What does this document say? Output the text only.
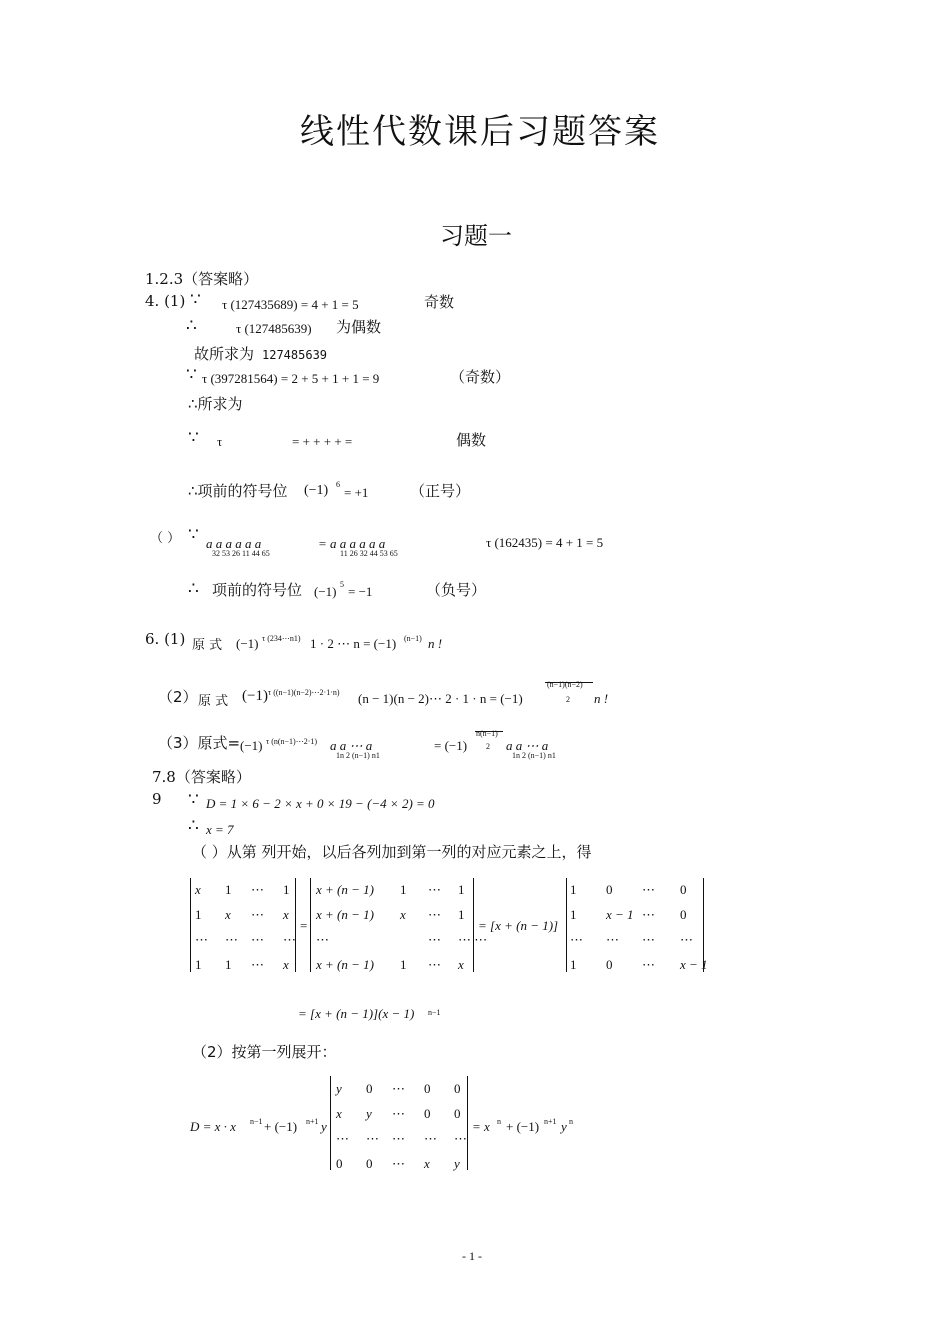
线性代数课后习题答案
习题一
1.2.3（答案略）
4. (1) ∵ τ (127435689) = 4 + 1 = 5	奇数
∴	τ (127485639) 为偶数
故所求为 127485639
∵ τ (397281564) = 2 + 5 + 1 + 1 = 9	（奇数）
∴所求为
∵ τ	= + + + + =	偶数
∴项前的符号位 (−1) 6
= +1	（正号）
（ ） ∵ a a a a a a
32 53 26 11 44 65
= a a a a a a
11 26 32 44 53 65
τ (162435) = 4 + 1 = 5
∴ 项前的符号位 (−1) 5 = −1	（负号）
6. (1) 原 式 (−1) τ (234⋯n1) 1 · 2 ⋯ n = (−1) (n−1) n !
（2） 原 式 (−1) τ ((n−1)(n−2)⋯2·1·n) (n − 1)(n − 2)⋯ 2 · 1 · n = (−1)
(n−1)(n−2)
2 n !
（3）原式= (−1) τ (n(n−1)⋯2·1) a a ⋯ a
1n 2 (n−1) n1
= (−1)
n(n−1)
2 a a ⋯ a
1n 2 (n−1) n1
7.8（答案略）
9 ∵ D = 1 × 6 − 2 × x + 0 × 19 − (−4 × 2) = 0
∴ x = 7
（ ）从第 列开始，以后各列加到第一列的对应元素之上，得
x 1 ⋯ 1
1 x ⋯ x
⋯ ⋯ ⋯ ⋯
1 1 ⋯ x
=
x + (n − 1) 1 ⋯ 1
x + (n − 1) x ⋯ 1
⋯	⋯ ⋯ ⋯
x + (n − 1) 1 ⋯ x
= [x + (n − 1)]
1 0 ⋯ 0
1 x − 1 ⋯ 0
⋯ ⋯ ⋯ ⋯
1 0 ⋯ x − 1
= [x + (n − 1)](x − 1) n−1
（2）按第一列展开：
D = x · x n−1 + (−1) n+1 y
y 0 ⋯ 0 0
x y ⋯ 0 0
⋯ ⋯ ⋯ ⋯ ⋯
0 0 ⋯ x y
= x n + (−1) n+1 y n
- 1 -
